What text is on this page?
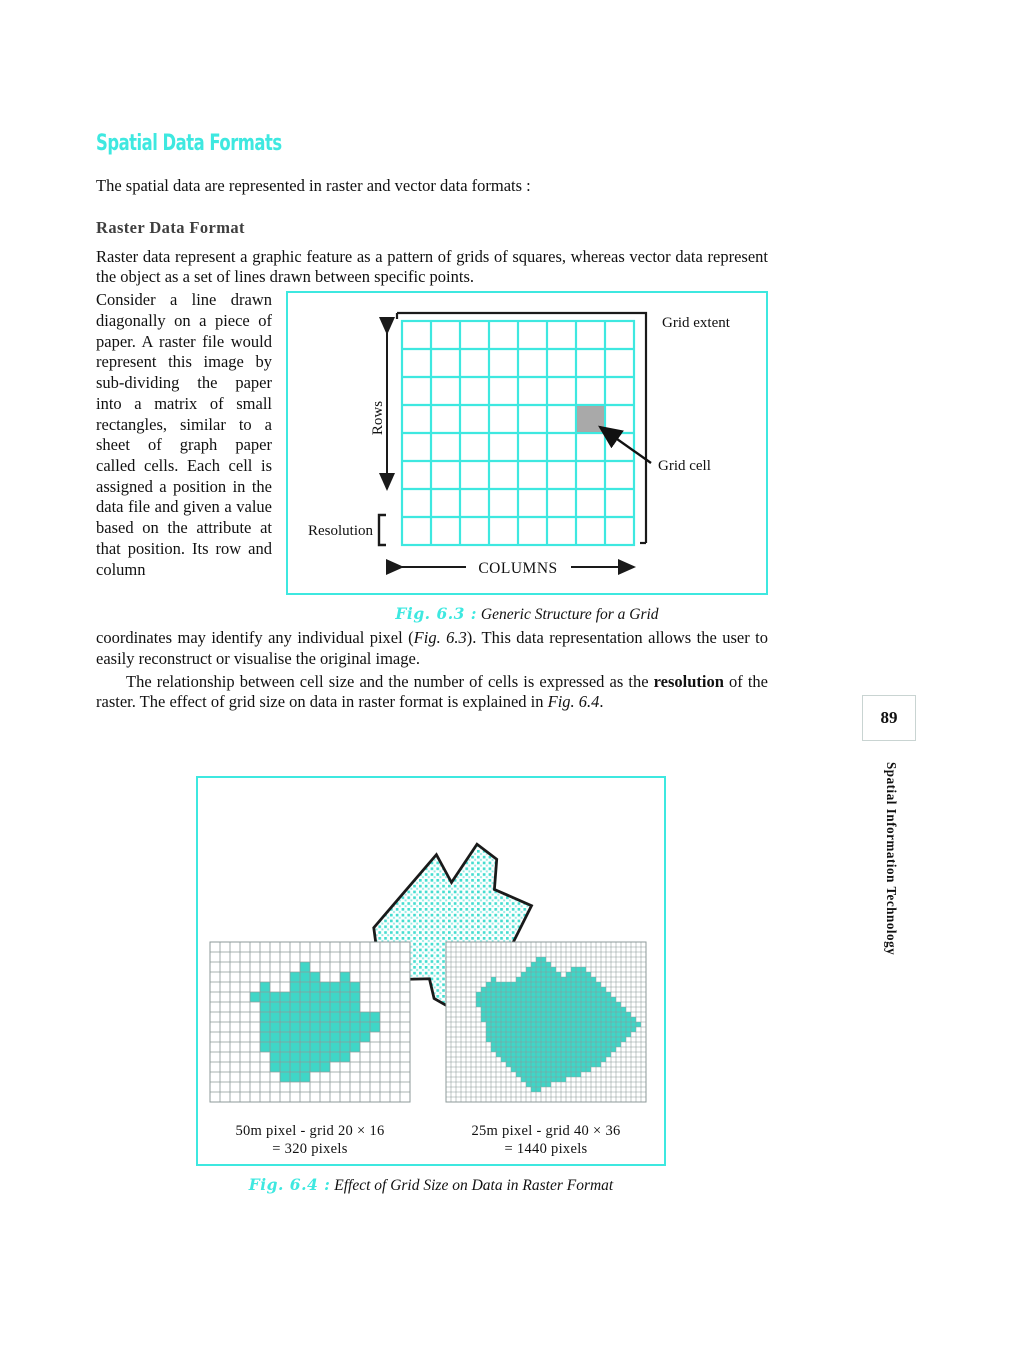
Spatial Data Formats

The spatial data are represented in raster and vector data formats :

Raster Data Format

Raster data represent a graphic feature as a pattern of grids of squares, whereas vector data represent the object as a set of lines drawn between specific points.

Rows
Resolution
COLUMNS
Grid extent
Grid cell
Fig. 6.3 : Generic Structure for a Grid

Consider a line drawn diagonally on a piece of paper. A raster file would represent this image by sub-dividing the paper into a matrix of small rectangles, similar to a sheet of graph paper called cells. Each cell is assigned a position in the data file and given a value based on the attribute at that position. Its row and column

coordinates may identify any individual pixel (Fig. 6.3). This data representation allows the user to easily reconstruct or visualise the original image.

The relationship between cell size and the number of cells is expressed as the resolution of the raster. The effect of grid size on data in raster format is explained in Fig. 6.4.

50m pixel - grid 20 × 16
= 320 pixels
25m pixel - grid 40 × 36
= 1440 pixels
Fig. 6.4 : Effect of Grid Size on Data in Raster Format
89
Spatial Information Technology
